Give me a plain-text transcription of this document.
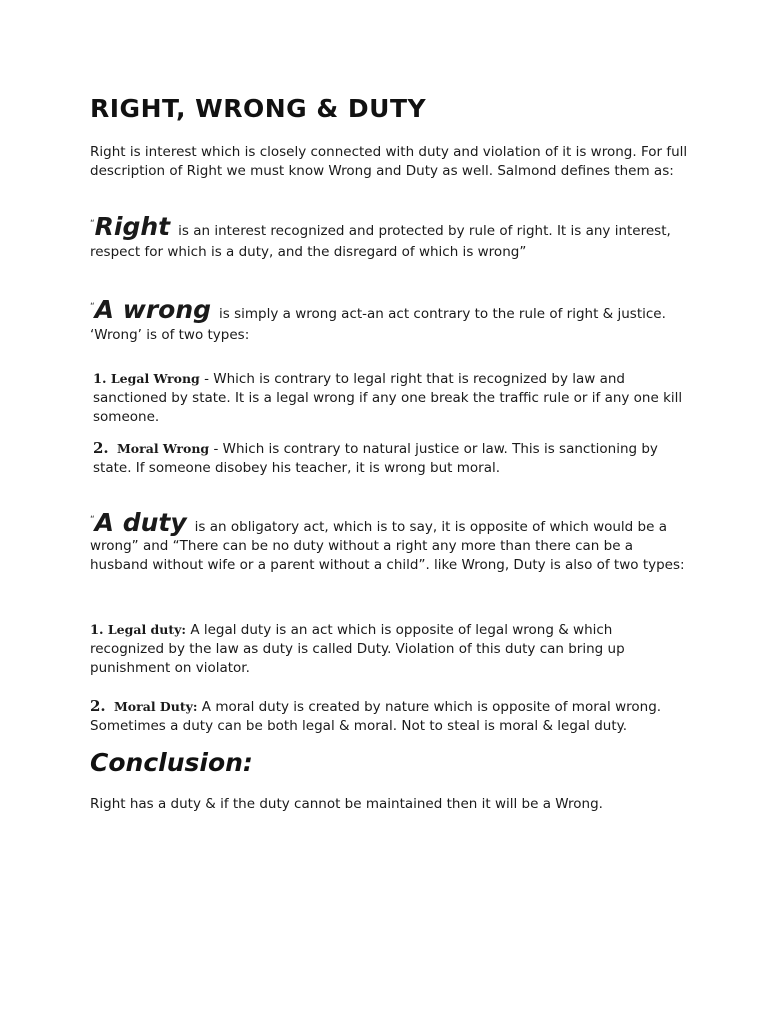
RIGHT, WRONG & DUTY

Right is interest which is closely connected with duty and violation of it is wrong. For full description of Right we must know Wrong and Duty as well. Salmond defines them as:

“Right is an interest recognized and protected by rule of right. It is any interest, respect for which is a duty, and the disregard of which is wrong”

“A wrong is simply a wrong act-an act contrary to the rule of right & justice. ‘Wrong’ is of two types:

1. Legal Wrong - Which is contrary to legal right that is recognized by law and sanctioned by state. It is a legal wrong if any one break the traffic rule or if any one kill someone.

2. Moral Wrong - Which is contrary to natural justice or law. This is sanctioning by state. If someone disobey his teacher, it is wrong but moral.

“A duty is an obligatory act, which is to say, it is opposite of which would be a wrong” and “There can be no duty without a right any more than there can be a husband without wife or a parent without a child”. like Wrong, Duty is also of two types:

1. Legal duty: A legal duty is an act which is opposite of legal wrong & which recognized by the law as duty is called Duty. Violation of this duty can bring up punishment on violator.

2. Moral Duty: A moral duty is created by nature which is opposite of moral wrong. Sometimes a duty can be both legal & moral. Not to steal is moral & legal duty.

Conclusion:

Right has a duty & if the duty cannot be maintained then it will be a Wrong.
